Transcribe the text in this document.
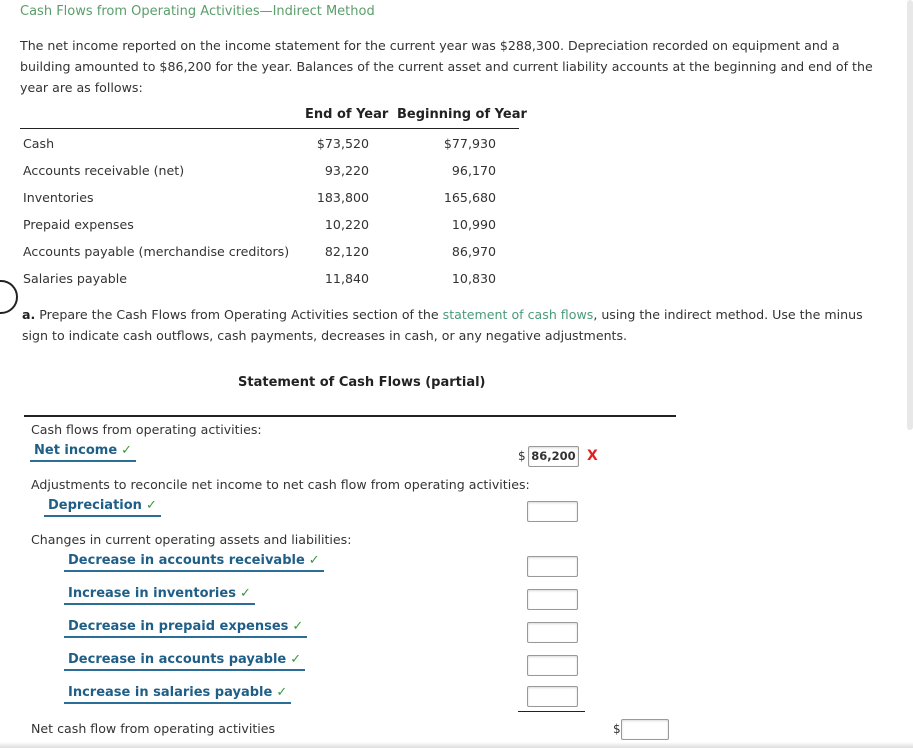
Cash Flows from Operating Activities—Indirect Method
The net income reported on the income statement for the current year was $288,300. Depreciation recorded on equipment and a building amounted to $86,200 for the year. Balances of the current asset and current liability accounts at the beginning and end of the year are as follows:
End of Year Beginning of Year
Cash	$73,520	$77,930
Accounts receivable (net)	93,220	96,170
Inventories	183,800	165,680
Prepaid expenses	10,220	10,990
Accounts payable (merchandise creditors)	82,120	86,970
Salaries payable	11,840	10,830
a. Prepare the Cash Flows from Operating Activities section of the statement of cash flows, using the indirect method. Use the minus sign to indicate cash outflows, cash payments, decreases in cash, or any negative adjustments.
Statement of Cash Flows (partial)
Cash flows from operating activities:
Net income ✓	$ 86,200 X
Adjustments to reconcile net income to net cash flow from operating activities:
Depreciation ✓
Changes in current operating assets and liabilities:
Decrease in accounts receivable ✓
Increase in inventories ✓
Decrease in prepaid expenses ✓
Decrease in accounts payable ✓
Increase in salaries payable ✓
Net cash flow from operating activities	$
